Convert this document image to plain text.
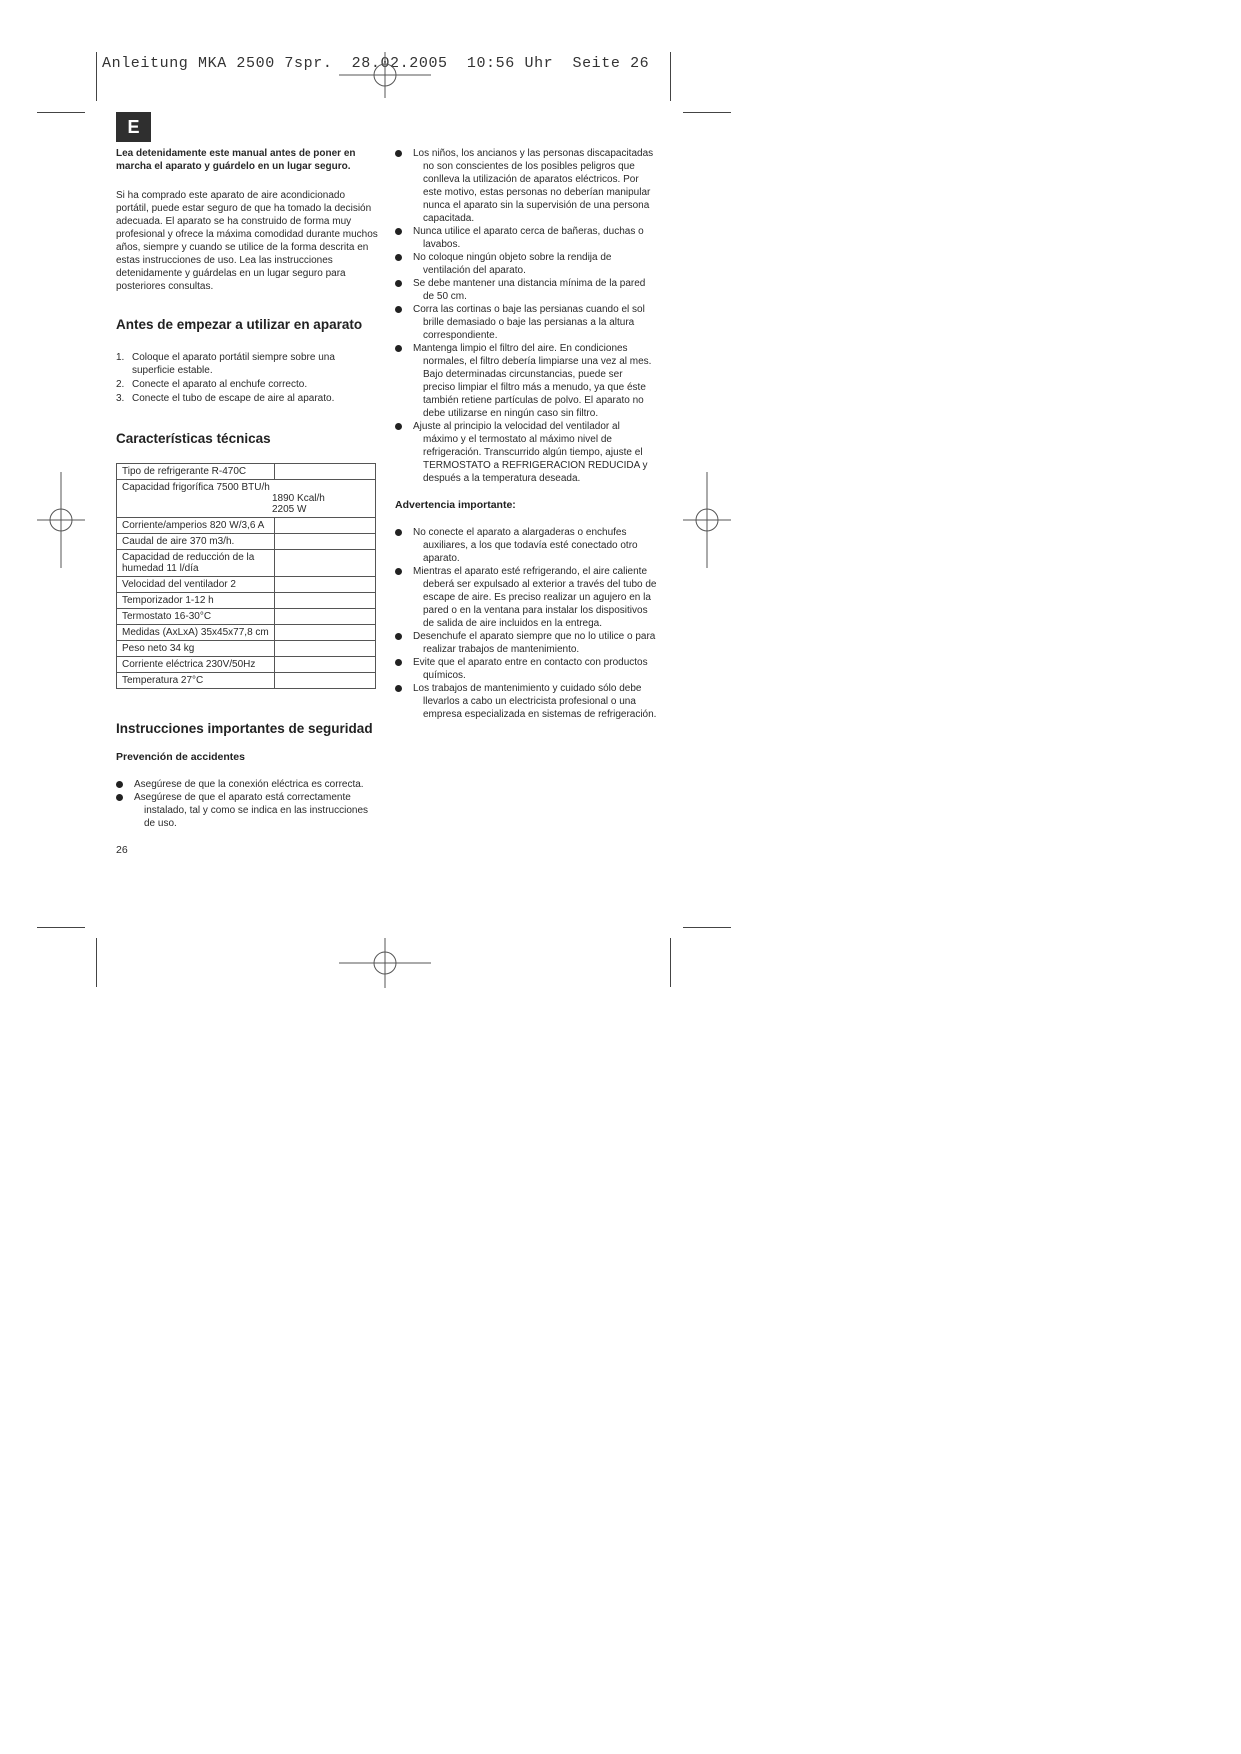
Anleitung MKA 2500 7spr.  28.02.2005  10:56 Uhr  Seite 26
E

Lea detenidamente este manual antes de poner en marcha el aparato y guárdelo en un lugar seguro.

Si ha comprado este aparato de aire acondicionado portátil, puede estar seguro de que ha tomado la decisión adecuada. El aparato se ha construido de forma muy profesional y ofrece la máxima comodidad durante muchos años, siempre y cuando se utilice de la forma descrita en estas instrucciones de uso. Lea las instrucciones detenidamente y guárdelas en un lugar seguro para posteriores consultas.

Antes de empezar a utilizar en aparato
1. Coloque el aparato portátil siempre sobre una superficie estable.
2. Conecte el aparato al enchufe correcto.
3. Conecte el tubo de escape de aire al aparato.
Características técnicas
Tipo de refrigerante R-470C	

Capacidad frigorífica 7500 BTU/h
1890 Kcal/h
2205 W	

Corriente/amperios 820 W/3,6 A	
Caudal de aire 370 m3/h.	
Capacidad de reducción de la humedad 11 l/día	
Velocidad del ventilador 2	
Temporizador 1-12 h	
Termostato 16-30°C	
Medidas (AxLxA) 35x45x77,8 cm	
Peso neto 34 kg	
Corriente eléctrica 230V/50Hz	
Temperatura 27°C	
Instrucciones importantes de seguridad
Prevención de accidentes
Asegúrese de que la conexión eléctrica es correcta.
Asegúrese de que el aparato está correctamente instalado, tal y como se indica en las instrucciones de uso.
26
Los niños, los ancianos y las personas discapacitadas no son conscientes de los posibles peligros que conlleva la utilización de aparatos eléctricos. Por este motivo, estas personas no deberían manipular nunca el aparato sin la supervisión de una persona capacitada.
Nunca utilice el aparato cerca de bañeras, duchas o lavabos.
No coloque ningún objeto sobre la rendija de ventilación del aparato.
Se debe mantener una distancia mínima de la pared de 50 cm.
Corra las cortinas o baje las persianas cuando el sol brille demasiado o baje las persianas a la altura correspondiente.
Mantenga limpio el filtro del aire. En condiciones normales, el filtro debería limpiarse una vez al mes. Bajo determinadas circunstancias, puede ser preciso limpiar el filtro más a menudo, ya que éste también retiene partículas de polvo. El aparato no debe utilizarse en ningún caso sin filtro.
Ajuste al principio la velocidad del ventilador al máximo y el termostato al máximo nivel de refrigeración. Transcurrido algún tiempo, ajuste el TERMOSTATO a REFRIGERACION REDUCIDA y después a la temperatura deseada.
Advertencia importante:
No conecte el aparato a alargaderas o enchufes auxiliares, a los que todavía esté conectado otro aparato.
Mientras el aparato esté refrigerando, el aire caliente deberá ser expulsado al exterior a través del tubo de escape de aire. Es preciso realizar un agujero en la pared o en la ventana para instalar los dispositivos de salida de aire incluidos en la entrega.
Desenchufe el aparato siempre que no lo utilice o para realizar trabajos de mantenimiento.
Evite que el aparato entre en contacto con productos químicos.
Los trabajos de mantenimiento y cuidado sólo debe llevarlos a cabo un electricista profesional o una empresa especializada en sistemas de refrigeración.
